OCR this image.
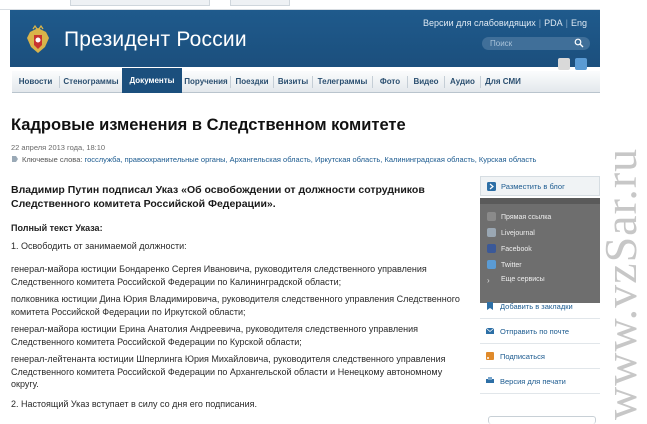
Президент России
Версии для слабовидящих | PDA | Eng
Поиск
Новости	Стенограммы	Документы	Поручения Поездки	Визиты	Телеграммы	Фото	Видео	Аудио	Для СМИ
Кадровые изменения в Следственном комитете
22 апреля 2013 года, 18:10
Ключевые слова: госслужба, правоохранительные органы, Архангельская область, Иркутская область, Калининградская область, Курская область
Владимир Путин подписал Указ «Об освобождении от должности сотрудников Следственного комитета Российской Федерации».
Полный текст Указа:
1. Освободить от занимаемой должности:
генерал-майора юстиции Бондаренко Сергея Ивановича, руководителя следственного управления Следственного комитета Российской Федерации по Калининградской области;
полковника юстиции Дина Юрия Владимировича, руководителя следственного управления Следственного комитета Российской Федерации по Иркутской области;
генерал-майора юстиции Ерина Анатолия Андреевича, руководителя следственного управления Следственного комитета Российской Федерации по Курской области;
генерал-лейтенанта юстиции Шперлинга Юрия Михайловича, руководителя следственного управления Следственного комитета Российской Федерации по Архангельской области и Ненецкому автономному округу.
2. Настоящий Указ вступает в силу со дня его подписания.
Разместить в блог
Прямая ссылка
Livejournal
Facebook
Twitter
› Еще сервисы
Добавить в закладки
Отправить по почте
Подписаться
Версия для печати www.vzSar.ru
